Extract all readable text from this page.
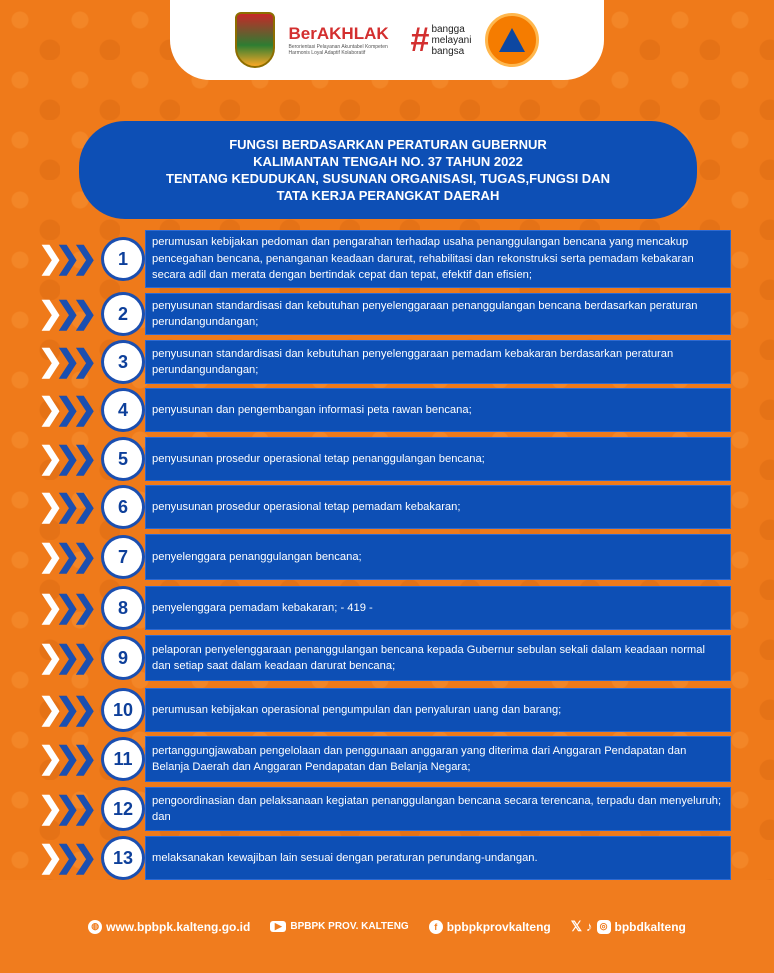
BerAKHLAK
Berorientasi Pelayanan Akuntabel Kompeten Harmonis Loyal Adaptif Kolaboratif	# bangga
melayani
bangsa
FUNGSI BERDASARKAN PERATURAN GUBERNUR
KALIMANTAN TENGAH NO. 37 TAHUN 2022
TENTANG KEDUDUKAN, SUSUNAN ORGANISASI, TUGAS,FUNGSI DAN
TATA KERJA PERANGKAT DAERAH
❯❯❯	1
perumusan kebijakan pedoman dan pengarahan terhadap usaha penanggulangan bencana yang mencakup pencegahan bencana, penanganan keadaan darurat, rehabilitasi dan rekonstruksi serta pemadam kebakaran secara adil dan merata dengan bertindak cepat dan tepat, efektif dan efisien;
❯❯❯	2	penyusunan standardisasi dan kebutuhan penyelenggaraan penanggulangan bencana berdasarkan peraturan perundangundangan;
❯❯❯	3	penyusunan standardisasi dan kebutuhan penyelenggaraan pemadam kebakaran berdasarkan peraturan perundangundangan;
❯❯❯	4	penyusunan dan pengembangan informasi peta rawan bencana;
❯❯❯	5	penyusunan prosedur operasional tetap penanggulangan bencana;
❯❯❯	6	penyusunan prosedur operasional tetap pemadam kebakaran;
❯❯❯	7	penyelenggara penanggulangan bencana;
❯❯❯	8	penyelenggara pemadam kebakaran; - 419 -
❯❯❯	9	pelaporan penyelenggaraan penanggulangan bencana kepada Gubernur sebulan sekali dalam keadaan normal dan setiap saat dalam keadaan darurat bencana;
❯❯❯	10	perumusan kebijakan operasional pengumpulan dan penyaluran uang dan barang;
❯❯❯	11	pertanggungjawaban pengelolaan dan penggunaan anggaran yang diterima dari Anggaran Pendapatan dan Belanja Daerah dan Anggaran Pendapatan dan Belanja Negara;
❯❯❯	12	pengoordinasian dan pelaksanaan kegiatan penanggulangan bencana secara terencana, terpadu dan menyeluruh; dan
❯❯❯	13	melaksanakan kewajiban lain sesuai dengan peraturan perundang-undangan.
◍ www.bpbpk.kalteng.go.id	▶ BPBPK PROV. KALTENG	f bpbpkprovkalteng 𝕏 ♪ ◎ bpbdkalteng
